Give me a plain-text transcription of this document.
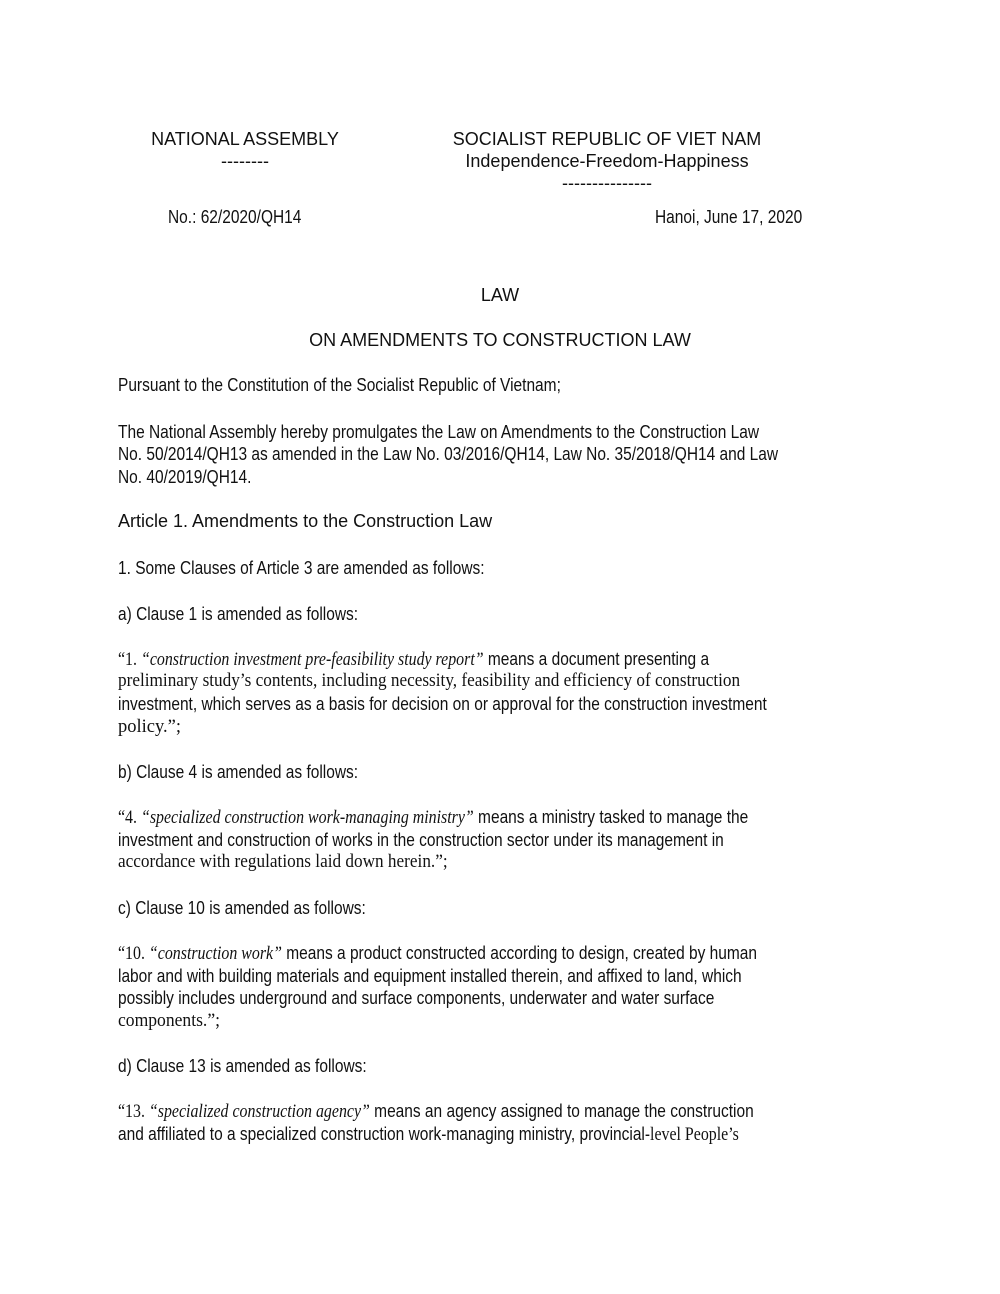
NATIONAL ASSEMBLY
--------
SOCIALIST REPUBLIC OF VIET NAM
Independence-Freedom-Happiness
---------------
No.: 62/2020/QH14	Hanoi, June 17, 2020
LAW
ON AMENDMENTS TO CONSTRUCTION LAW
Pursuant to the Constitution of the Socialist Republic of Vietnam;
The National Assembly hereby promulgates the Law on Amendments to the Construction Law
No. 50/2014/QH13 as amended in the Law No. 03/2016/QH14, Law No. 35/2018/QH14 and Law
No. 40/2019/QH14.
Article 1. Amendments to the Construction Law
1. Some Clauses of Article 3 are amended as follows:
a) Clause 1 is amended as follows:
“1. “construction investment pre-feasibility study report” means a document presenting a
preliminary study’s contents, including necessity, feasibility and efficiency of construction
investment, which serves as a basis for decision on or approval for the construction investment
policy.”;
b) Clause 4 is amended as follows:
“4. “specialized construction work-managing ministry” means a ministry tasked to manage the
investment and construction of works in the construction sector under its management in
accordance with regulations laid down herein.”;
c) Clause 10 is amended as follows:
“10. “construction work” means a product constructed according to design, created by human
labor and with building materials and equipment installed therein, and affixed to land, which
possibly includes underground and surface components, underwater and water surface
components.”;
d) Clause 13 is amended as follows:
“13. “specialized construction agency” means an agency assigned to manage the construction
and affiliated to a specialized construction work-managing ministry, provincial-level People’s
